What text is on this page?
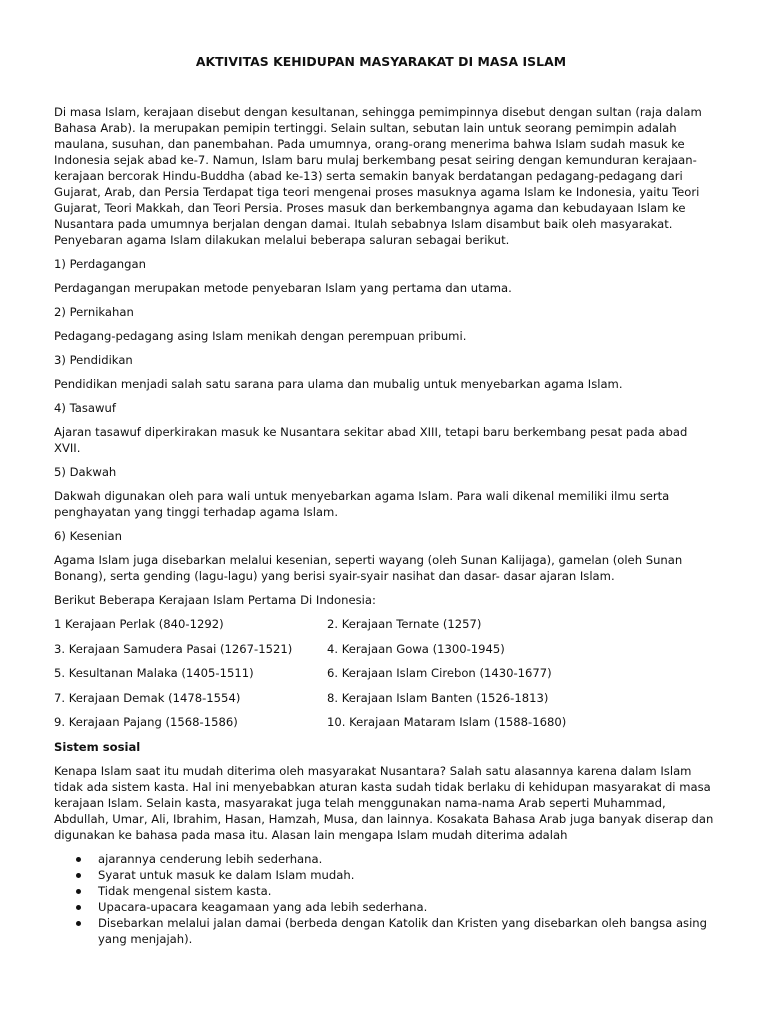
AKTIVITAS KEHIDUPAN MASYARAKAT DI MASA ISLAM

Di masa Islam, kerajaan disebut dengan kesultanan, sehingga pemimpinnya disebut dengan sultan (raja dalam Bahasa Arab). Ia merupakan pemipin tertinggi. Selain sultan, sebutan lain untuk seorang pemimpin adalah maulana, susuhan, dan panembahan. Pada umumnya, orang-orang menerima bahwa Islam sudah masuk ke Indonesia sejak abad ke-7. Namun, Islam baru mulaj berkembang pesat seiring dengan kemunduran kerajaan-kerajaan bercorak Hindu-Buddha (abad ke-13) serta semakin banyak berdatangan pedagang-pedagang dari Gujarat, Arab, dan Persia Terdapat tiga teori mengenai proses masuknya agama Islam ke Indonesia, yaitu Teori Gujarat, Teori Makkah, dan Teori Persia. Proses masuk dan berkembangnya agama dan kebudayaan Islam ke Nusantara pada umumnya berjalan dengan damai. Itulah sebabnya Islam disambut baik oleh masyarakat. Penyebaran agama Islam dilakukan melalui beberapa saluran sebagai berikut.

1) Perdagangan

Perdagangan merupakan metode penyebaran Islam yang pertama dan utama.

2) Pernikahan

Pedagang-pedagang asing Islam menikah dengan perempuan pribumi.

3) Pendidikan

Pendidikan menjadi salah satu sarana para ulama dan mubalig untuk menyebarkan agama Islam.

4) Tasawuf

Ajaran tasawuf diperkirakan masuk ke Nusantara sekitar abad XIII, tetapi baru berkembang pesat pada abad XVII.

5) Dakwah

Dakwah digunakan oleh para wali untuk menyebarkan agama Islam. Para wali dikenal memiliki ilmu serta penghayatan yang tinggi terhadap agama Islam.

6) Kesenian

Agama Islam juga disebarkan melalui kesenian, seperti wayang (oleh Sunan Kalijaga), gamelan (oleh Sunan Bonang), serta gending (lagu-lagu) yang berisi syair-syair nasihat dan dasar- dasar ajaran Islam.

Berikut Beberapa Kerajaan Islam Pertama Di Indonesia:

1 Kerajaan Perlak (840-1292)	2. Kerajaan Ternate (1257)
3. Kerajaan Samudera Pasai (1267-1521)	4. Kerajaan Gowa (1300-1945)
5. Kesultanan Malaka (1405-1511)	6. Kerajaan Islam Cirebon (1430-1677)
7. Kerajaan Demak (1478-1554)	8. Kerajaan Islam Banten (1526-1813)
9. Kerajaan Pajang (1568-1586)	10. Kerajaan Mataram Islam (1588-1680)

Sistem sosial

Kenapa Islam saat itu mudah diterima oleh masyarakat Nusantara? Salah satu alasannya karena dalam Islam tidak ada sistem kasta. Hal ini menyebabkan aturan kasta sudah tidak berlaku di kehidupan masyarakat di masa kerajaan Islam. Selain kasta, masyarakat juga telah menggunakan nama-nama Arab seperti Muhammad, Abdullah, Umar, Ali, Ibrahim, Hasan, Hamzah, Musa, dan lainnya. Kosakata Bahasa Arab juga banyak diserap dan digunakan ke bahasa pada masa itu. Alasan lain mengapa Islam mudah diterima adalah

ajarannya cenderung lebih sederhana.
Syarat untuk masuk ke dalam Islam mudah.
Tidak mengenal sistem kasta.
Upacara-upacara keagamaan yang ada lebih sederhana.
Disebarkan melalui jalan damai (berbeda dengan Katolik dan Kristen yang disebarkan oleh bangsa asing yang menjajah).
